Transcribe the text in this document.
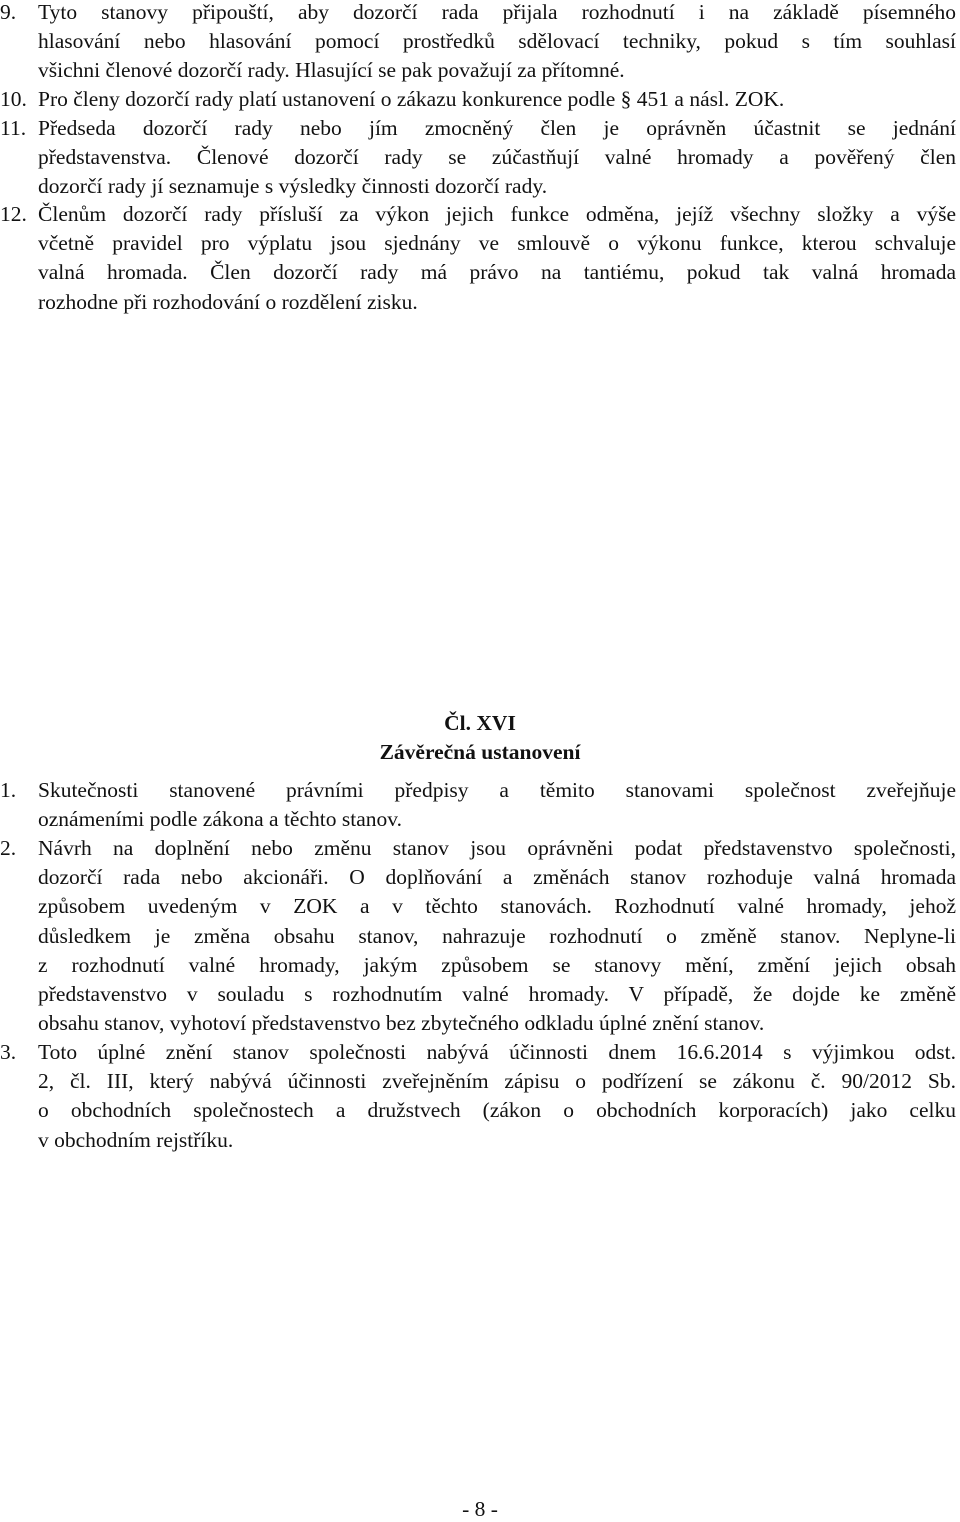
9. Tyto stanovy připouští, aby dozorčí rada přijala rozhodnutí i na základě písemného
hlasování nebo hlasování pomocí prostředků sdělovací techniky, pokud s tím souhlasí
všichni členové dozorčí rady. Hlasující se pak považují za přítomné.
10. Pro členy dozorčí rady platí ustanovení o zákazu konkurence podle § 451 a násl. ZOK.
11. Předseda dozorčí rady nebo jím zmocněný člen je oprávněn účastnit se jednání
představenstva. Členové dozorčí rady se zúčastňují valné hromady a pověřený člen
dozorčí rady jí seznamuje s výsledky činnosti dozorčí rady.
12. Členům dozorčí rady přísluší za výkon jejich funkce odměna, jejíž všechny složky a výše
včetně pravidel pro výplatu jsou sjednány ve smlouvě o výkonu funkce, kterou schvaluje
valná hromada. Člen dozorčí rady má právo na tantiému, pokud tak valná hromada
rozhodne při rozhodování o rozdělení zisku.
Čl. XVI
Závěrečná ustanovení
1. Skutečnosti stanovené právními předpisy a těmito stanovami společnost zveřejňuje
oznámeními podle zákona a těchto stanov.
2. Návrh na doplnění nebo změnu stanov jsou oprávněni podat představenstvo společnosti,
dozorčí rada nebo akcionáři. O doplňování a změnách stanov rozhoduje valná hromada
způsobem uvedeným v ZOK a v těchto stanovách. Rozhodnutí valné hromady, jehož
důsledkem je změna obsahu stanov, nahrazuje rozhodnutí o změně stanov. Neplyne-li
z rozhodnutí valné hromady, jakým způsobem se stanovy mění, změní jejich obsah
představenstvo v souladu s rozhodnutím valné hromady. V případě, že dojde ke změně
obsahu stanov, vyhotoví představenstvo bez zbytečného odkladu úplné znění stanov.
3. Toto úplné znění stanov společnosti nabývá účinnosti dnem 16.6.2014 s výjimkou odst.
2, čl. III, který nabývá účinnosti zveřejněním zápisu o podřízení se zákonu č. 90/2012 Sb.
o obchodních společnostech a družstvech (zákon o obchodních korporacích) jako celku
v obchodním rejstříku.
- 8 -
